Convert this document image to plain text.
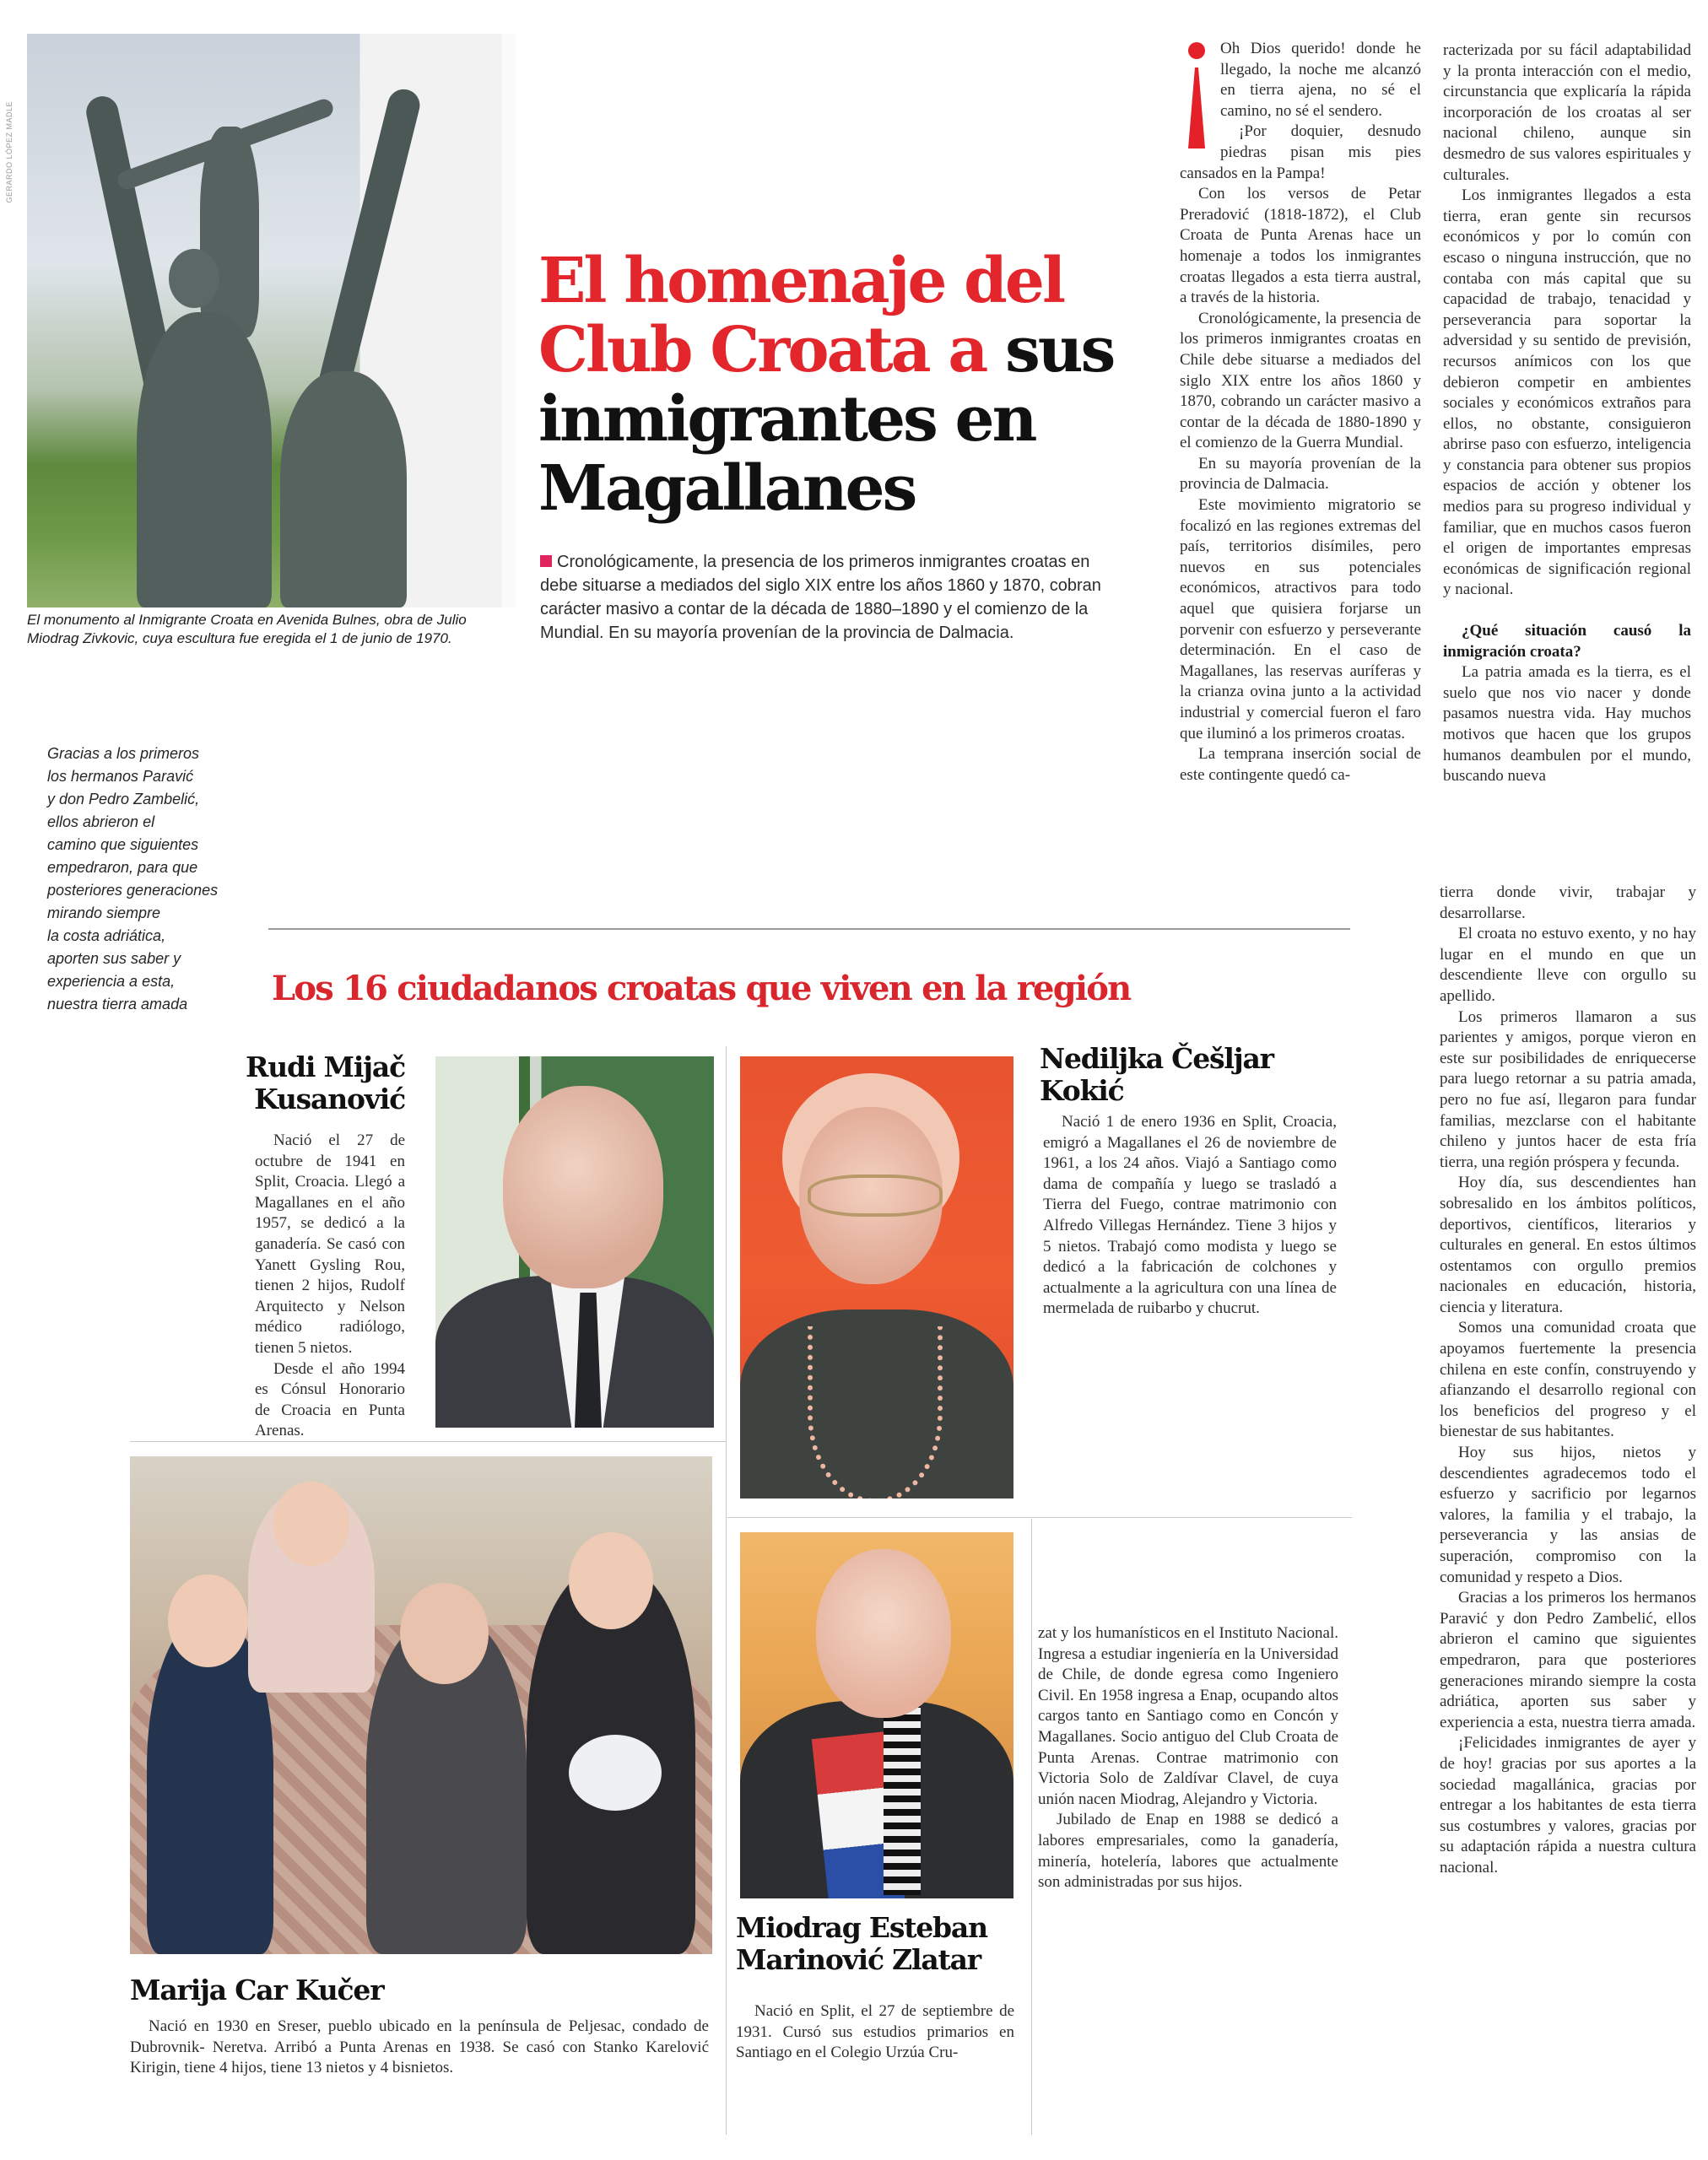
GERARDO LÓPEZ MADLE
El monumento al Inmigrante Croata en Avenida Bulnes, obra de Julio Miodrag Zivkovic, cuya escultura fue eregida el 1 de junio de 1970.
El homenaje del Club Croata a sus inmigrantes en Magallanes
Cronológicamente, la presencia de los primeros inmigrantes croatas en
debe situarse a mediados del siglo XIX entre los años 1860 y 1870, cobran
carácter masivo a contar de la década de 1880–1890 y el comienzo de la
Mundial. En su mayoría provenían de la provincia de Dalmacia.
Gracias a los primeros
los hermanos Paravić
y don Pedro Zambelić,
ellos abrieron el
camino que siguientes
empedraron, para que
posteriores generaciones
mirando siempre
la costa adriática,
aporten sus saber y
experiencia a esta,
nuestra tierra amada

Oh Dios querido! donde he llegado, la noche me alcanzó en tierra ajena, no sé el camino, no sé el sendero.

¡Por doquier, desnudo piedras pisan mis pies cansados en la Pampa!

Con los versos de Petar Preradović (1818-1872), el Club Croata de Punta Arenas hace un homenaje a todos los inmigrantes croatas llegados a esta tierra austral, a través de la historia.

Cronológicamente, la presencia de los primeros inmigrantes croatas en Chile debe situarse a mediados del siglo XIX entre los años 1860 y 1870, cobrando un carácter masivo a contar de la década de 1880-1890 y el comienzo de la Guerra Mundial.

En su mayoría provenían de la provincia de Dalmacia.

Este movimiento migratorio se focalizó en las regiones extremas del país, territorios disímiles, pero nuevos en sus potenciales económicos, atractivos para todo aquel que quisiera forjarse un porvenir con esfuerzo y perseverante determinación. En el caso de Magallanes, las reservas auríferas y la crianza ovina junto a la actividad industrial y comercial fueron el faro que iluminó a los primeros croatas.

La temprana inserción social de este contingente quedó ca-

racterizada por su fácil adaptabilidad y la pronta interacción con el medio, circunstancia que explicaría la rápida incorporación de los croatas al ser nacional chileno, aunque sin desmedro de sus valores espirituales y culturales.

Los inmigrantes llegados a esta tierra, eran gente sin recursos económicos y por lo común con escaso o ninguna instrucción, que no contaba con más capital que su capacidad de trabajo, tenacidad y perseverancia para soportar la adversidad y su sentido de previsión, recursos anímicos con los que debieron competir en ambientes sociales y económicos extraños para ellos, no obstante, consiguieron abrirse paso con esfuerzo, inteligencia y constancia para obtener sus propios espacios de acción y obtener los medios para su progreso individual y familiar, que en muchos casos fueron el origen de importantes empresas económicas de significación regional y nacional.

¿Qué situación causó la inmigración croata?

La patria amada es la tierra, es el suelo que nos vio nacer y donde pasamos nuestra vida. Hay muchos motivos que hacen que los grupos humanos deambulen por el mundo, buscando nueva

tierra donde vivir, trabajar y desarrollarse.

El croata no estuvo exento, y no hay lugar en el mundo en que un descendiente lleve con orgullo su apellido.

Los primeros llamaron a sus parientes y amigos, porque vieron en este sur posibilidades de enriquecerse para luego retornar a su patria amada, pero no fue así, llegaron para fundar familias, mezclarse con el habitante chileno y juntos hacer de esta fría tierra, una región próspera y fecunda.

Hoy día, sus descendientes han sobresalido en los ámbitos políticos, deportivos, científicos, literarios y culturales en general. En estos últimos ostentamos con orgullo premios nacionales en educación, historia, ciencia y literatura.

Somos una comunidad croata que apoyamos fuertemente la presencia chilena en este confín, construyendo y afianzando el desarrollo regional con los beneficios del progreso y el bienestar de sus habitantes.

Hoy sus hijos, nietos y descendientes agradecemos todo el esfuerzo y sacrificio por legarnos valores, la familia y el trabajo, la perseverancia y las ansias de superación, compromiso con la comunidad y respeto a Dios.

Gracias a los primeros los hermanos Paravić y don Pedro Zambelić, ellos abrieron el camino que siguientes empedraron, para que posteriores generaciones mirando siempre la costa adriática, aporten sus saber y experiencia a esta, nuestra tierra amada.

¡Felicidades inmigrantes de ayer y de hoy! gracias por sus aportes a la sociedad magallánica, gracias por entregar a los habitantes de esta tierra sus costumbres y valores, gracias por su adaptación rápida a nuestra cultura nacional.

Los 16 ciudadanos croatas que viven en la región
Rudi Mijač
Kusanović

Nació el 27 de octubre de 1941 en Split, Croacia. Llegó a Magallanes en el año 1957, se dedicó a la ganadería. Se casó con Yanett Gysling Rou, tienen 2 hijos, Rudolf Arquitecto y Nelson médico radiólogo, tienen 5 nietos.

Desde el año 1994 es Cónsul Honorario de Croacia en Punta Arenas.

Nediljka Češljar
Kokić

Nació 1 de enero 1936 en Split, Croacia, emigró a Magallanes el 26 de noviembre de 1961, a los 24 años. Viajó a Santiago como dama de compañía y luego se trasladó a Tierra del Fuego, contrae matrimonio con Alfredo Villegas Hernández. Tiene 3 hijos y 5 nietos. Trabajó como modista y luego se dedicó a la fabricación de colchones y actualmente a la agricultura con una línea de mermelada de ruibarbo y chucrut.

Marija Car Kučer

Nació en 1930 en Sreser, pueblo ubicado en la península de Peljesac, condado de Dubrovnik- Neretva. Arribó a Punta Arenas en 1938. Se casó con Stanko Karelović Kirigin, tiene 4 hijos, tiene 13 nietos y 4 bisnietos.

Miodrag Esteban
Marinović Zlatar

Nació en Split, el 27 de septiembre de 1931. Cursó sus estudios primarios en Santiago en el Colegio Urzúa Cru-

zat y los humanísticos en el Instituto Nacional. Ingresa a estudiar ingeniería en la Universidad de Chile, de donde egresa como Ingeniero Civil. En 1958 ingresa a Enap, ocupando altos cargos tanto en Santiago como en Concón y Magallanes. Socio antiguo del Club Croata de Punta Arenas. Contrae matrimonio con Victoria Solo de Zaldívar Clavel, de cuya unión nacen Miodrag, Alejandro y Victoria.

Jubilado de Enap en 1988 se dedicó a labores empresariales, como la ganadería, minería, hotelería, labores que actualmente son administradas por sus hijos.
